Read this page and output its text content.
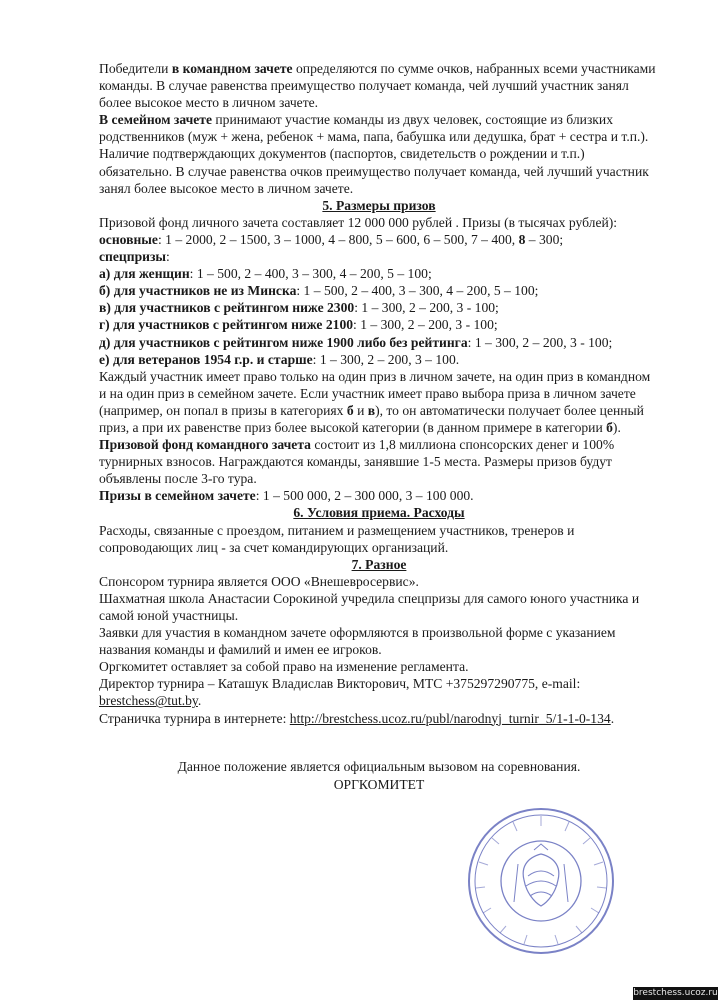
Победители в командном зачете определяются по сумме очков, набранных всеми участниками команды. В случае равенства преимущество получает команда, чей лучший участник занял более высокое место в личном зачете.

В семейном зачете принимают участие команды из двух человек, состоящие из близких родственников (муж + жена, ребенок + мама, папа, бабушка или дедушка, брат + сестра и т.п.). Наличие подтверждающих документов (паспортов, свидетельств о рождении и т.п.) обязательно. В случае равенства очков преимущество получает команда, чей лучший участник занял более высокое место в личном зачете.

5. Размеры призов

Призовой фонд личного зачета составляет 12 000 000 рублей . Призы (в тысячах рублей):

основные: 1 – 2000, 2 – 1500, 3 – 1000, 4 – 800, 5 – 600, 6 – 500, 7 – 400, 8 – 300;

спецпризы:

а) для женщин: 1 – 500, 2 – 400, 3 – 300, 4 – 200, 5 – 100;

б) для участников не из Минска: 1 – 500, 2 – 400, 3 – 300, 4 – 200, 5 – 100;

в) для участников с рейтингом ниже 2300: 1 – 300, 2 – 200, 3 - 100;

г) для участников с рейтингом ниже 2100: 1 – 300, 2 – 200, 3 - 100;

д) для участников с рейтингом ниже 1900 либо без рейтинга: 1 – 300, 2 – 200, 3 - 100;

е) для ветеранов 1954 г.р. и старше: 1 – 300, 2 – 200, 3 – 100.

Каждый участник имеет право только на один приз в личном зачете, на один приз в командном и на один приз в семейном зачете. Если участник имеет право выбора приза в личном зачете (например, он попал в призы в категориях б и в), то он автоматически получает более ценный приз, а при их равенстве приз более высокой категории (в данном примере в категории б).

Призовой фонд командного зачета состоит из 1,8 миллиона спонсорских денег и 100% турнирных взносов. Награждаются команды, занявшие 1-5 места. Размеры призов будут объявлены после 3-го тура.

Призы в семейном зачете: 1 – 500 000, 2 – 300 000, 3 – 100 000.

6. Условия приема. Расходы

Расходы, связанные с проездом, питанием и размещением участников, тренеров и сопроводающих лиц - за счет командирующих организаций.

7. Разное

Спонсором турнира является ООО «Внешевросервис».

Шахматная школа Анастасии Сорокиной учредила спецпризы для самого юного участника и самой юной участницы.

Заявки для участия в командном зачете оформляются в произвольной форме с указанием названия команды и фамилий и имен ее игроков.

Оргкомитет оставляет за собой право на изменение регламента.

Директор турнира – Каташук Владислав Викторович, МТС +375297290775, e-mail: brestchess@tut.by.

Страничка турнира в интернете: http://brestchess.ucoz.ru/publ/narodnyj_turnir_5/1-1-0-134.

Данное положение является официальным вызовом на соревнования.
ОРГКОМИТЕТ
brestchess.ucoz.ru
